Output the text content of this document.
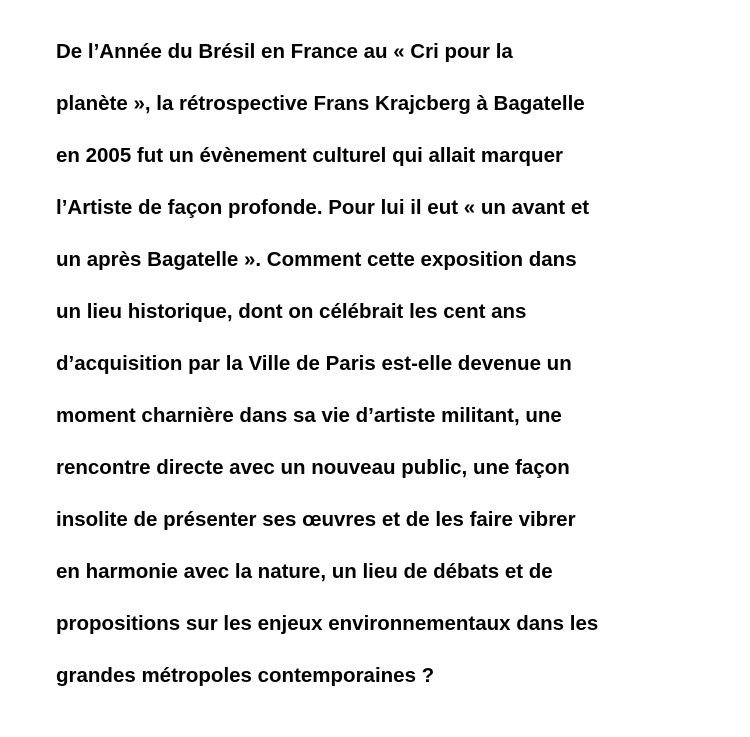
De l’Année du Brésil en France au « Cri pour la
planète », la rétrospective Frans Krajcberg à Bagatelle
en 2005 fut un évènement culturel qui allait marquer
l’Artiste de façon profonde. Pour lui il eut « un avant et
un après Bagatelle ». Comment cette exposition dans
un lieu historique, dont on célébrait les cent ans
d’acquisition par la Ville de Paris est-elle devenue un
moment charnière dans sa vie d’artiste militant, une
rencontre directe avec un nouveau public, une façon
insolite de présenter ses œuvres et de les faire vibrer
en harmonie avec la nature, un lieu de débats et de
propositions sur les enjeux environnementaux dans les
grandes métropoles contemporaines ?
